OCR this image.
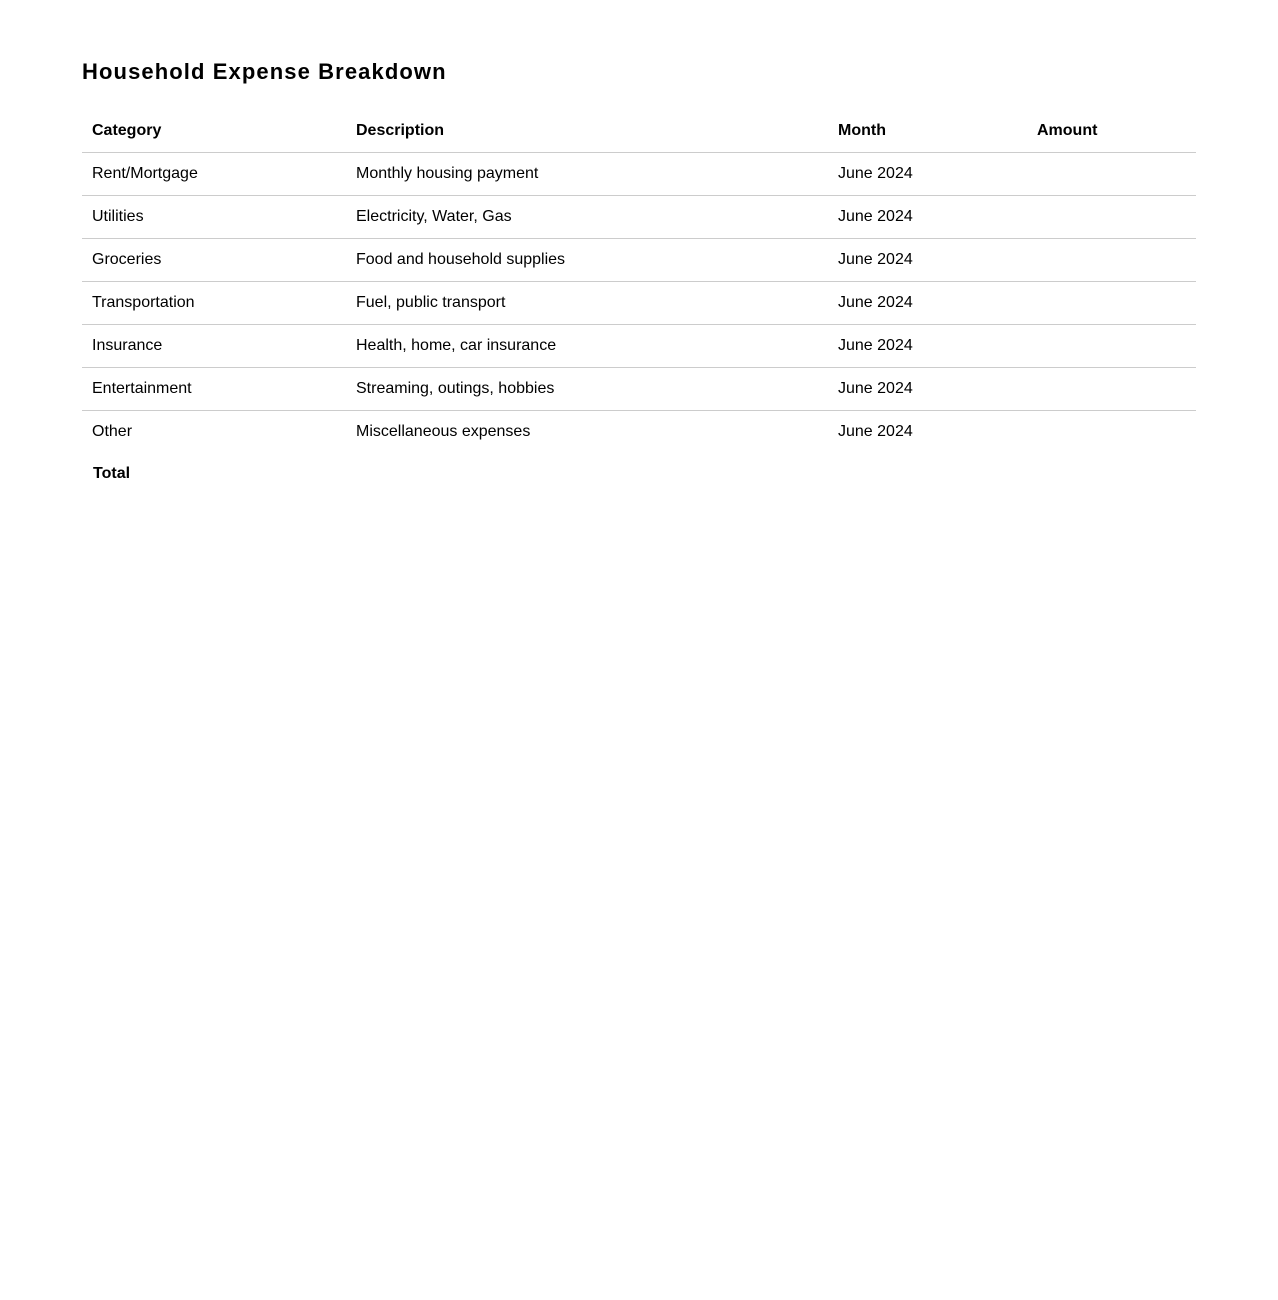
Household Expense Breakdown
Category	Description	Month	Amount
Rent/Mortgage	Monthly housing payment	June 2024	
Utilities	Electricity, Water, Gas	June 2024	
Groceries	Food and household supplies	June 2024	
Transportation	Fuel, public transport	June 2024	
Insurance	Health, home, car insurance	June 2024	
Entertainment	Streaming, outings, hobbies	June 2024	
Other	Miscellaneous expenses	June 2024	
Total			
